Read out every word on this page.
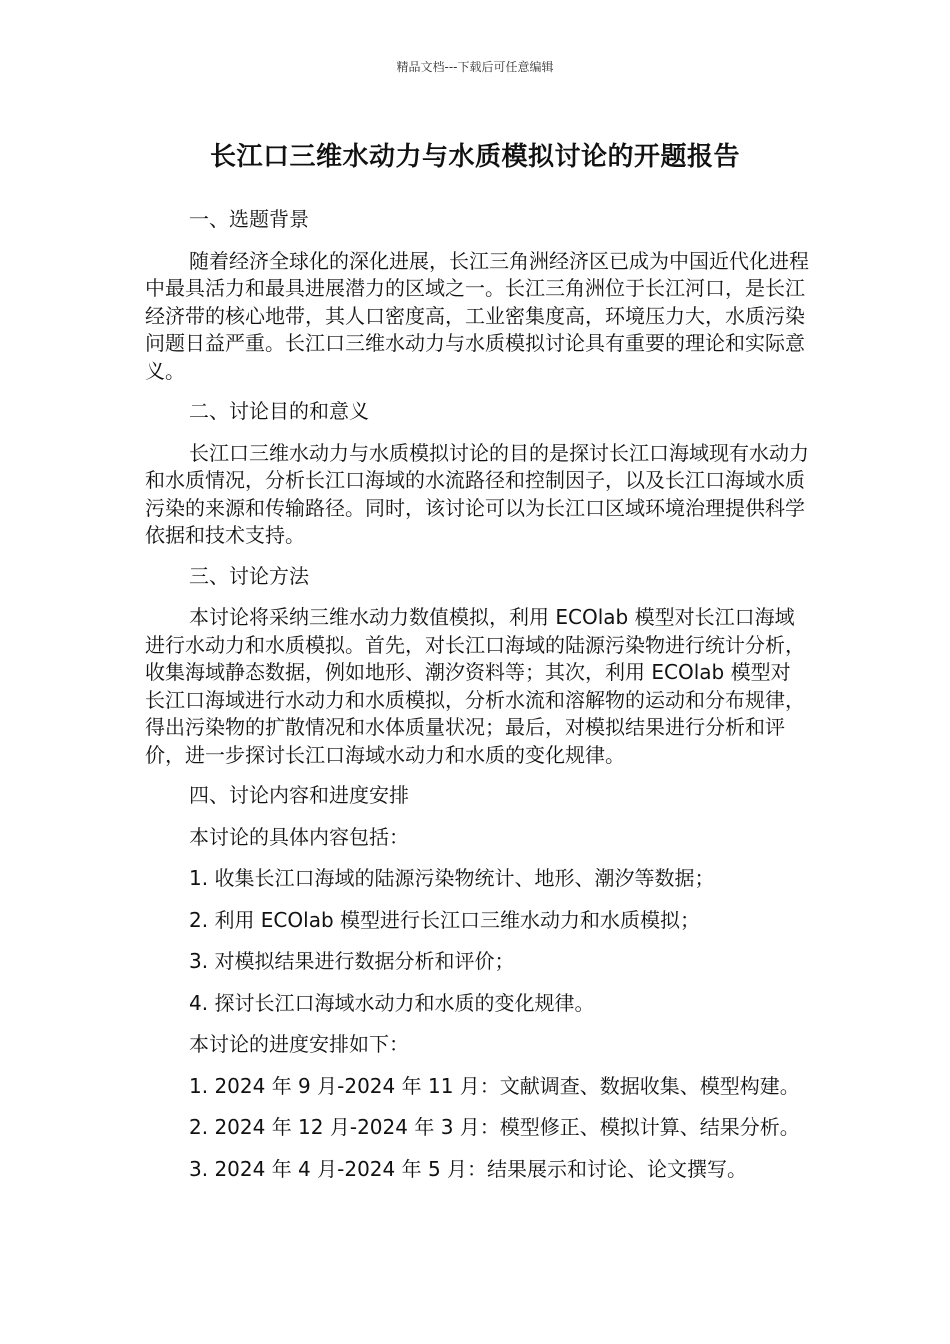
精品文档---下载后可任意编辑
长江口三维水动力与水质模拟讨论的开题报告

一、选题背景

随着经济全球化的深化进展，长江三角洲经济区已成为中国近代化进程中最具活力和最具进展潜力的区域之一。长江三角洲位于长江河口，是长江经济带的核心地带，其人口密度高，工业密集度高，环境压力大，水质污染问题日益严重。长江口三维水动力与水质模拟讨论具有重要的理论和实际意义。

二、讨论目的和意义

长江口三维水动力与水质模拟讨论的目的是探讨长江口海域现有水动力和水质情况，分析长江口海域的水流路径和控制因子，以及长江口海域水质污染的来源和传输路径。同时，该讨论可以为长江口区域环境治理提供科学依据和技术支持。

三、讨论方法

本讨论将采纳三维水动力数值模拟，利用 ECOlab 模型对长江口海域进行水动力和水质模拟。首先，对长江口海域的陆源污染物进行统计分析，收集海域静态数据，例如地形、潮汐资料等；其次，利用 ECOlab 模型对长江口海域进行水动力和水质模拟，分析水流和溶解物的运动和分布规律，得出污染物的扩散情况和水体质量状况；最后，对模拟结果进行分析和评价，进一步探讨长江口海域水动力和水质的变化规律。

四、讨论内容和进度安排

本讨论的具体内容包括：

1. 收集长江口海域的陆源污染物统计、地形、潮汐等数据；

2. 利用 ECOlab 模型进行长江口三维水动力和水质模拟；

3. 对模拟结果进行数据分析和评价；

4. 探讨长江口海域水动力和水质的变化规律。

本讨论的进度安排如下：

1. 2024 年 9 月-2024 年 11 月：文献调查、数据收集、模型构建。

2. 2024 年 12 月-2024 年 3 月：模型修正、模拟计算、结果分析。

3. 2024 年 4 月-2024 年 5 月：结果展示和讨论、论文撰写。
